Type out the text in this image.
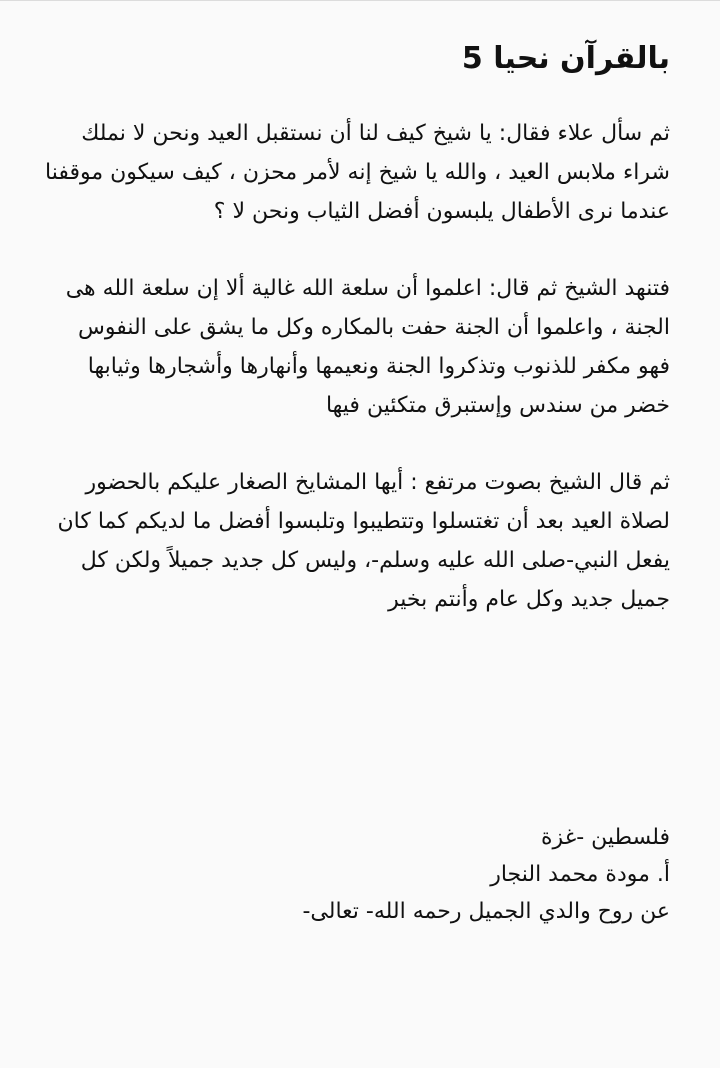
بالقرآن نحيا 5

ثم سأل علاء فقال: يا شيخ كيف لنا أن نستقبل العيد ونحن لا نملك شراء ملابس العيد ، والله يا شيخ إنه لأمر محزن ، كيف سيكون موقفنا عندما نرى الأطفال يلبسون أفضل الثياب ونحن لا ؟

فتنهد الشيخ ثم قال: اعلموا أن سلعة الله غالية ألا إن سلعة الله هى الجنة ، واعلموا أن الجنة حفت بالمكاره وكل ما يشق على النفوس فهو مكفر للذنوب وتذكروا الجنة ونعيمها وأنهارها وأشجارها وثيابها خضر من سندس وإستبرق متكئين فيها

ثم قال الشيخ بصوت مرتفع : أيها المشايخ الصغار عليكم بالحضور لصلاة العيد بعد أن تغتسلوا وتتطيبوا وتلبسوا أفضل ما لديكم كما كان يفعل النبي-صلى الله عليه وسلم-، وليس كل جديد جميلاً ولكن كل جميل جديد وكل عام وأنتم بخير

فلسطين -غزة
أ. مودة محمد النجار
عن روح والدي الجميل رحمه الله- تعالى-
